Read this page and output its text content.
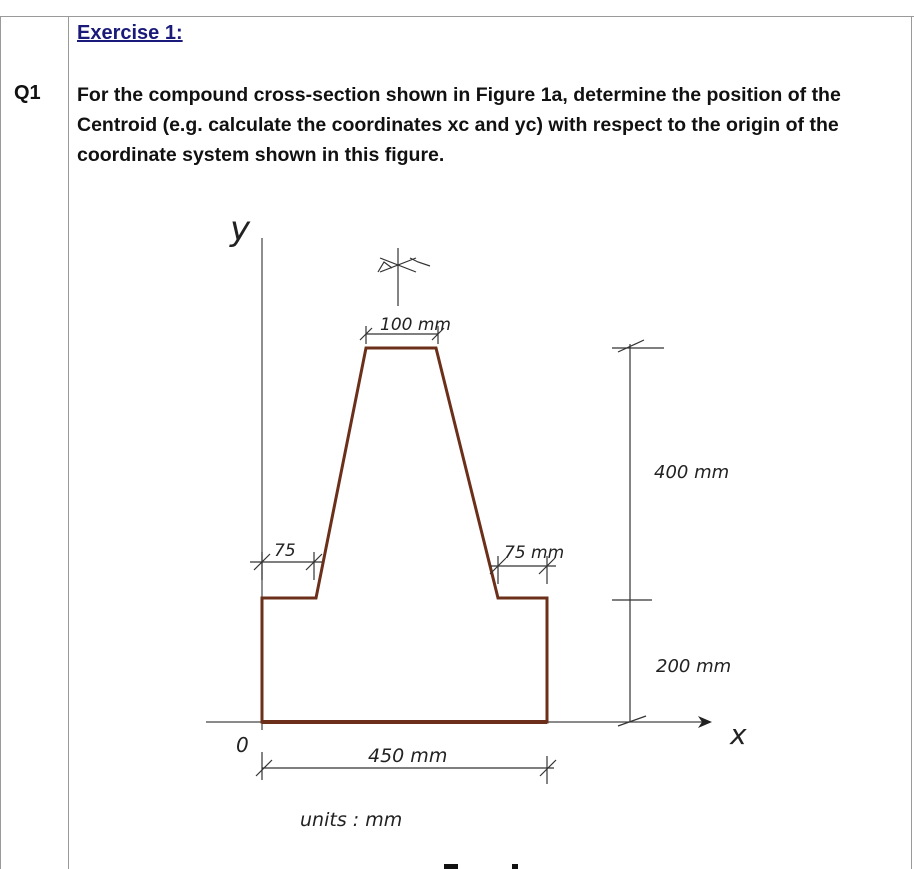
Exercise 1:
Q1 For the compound cross-section shown in Figure 1a, determine the position of the Centroid (e.g. calculate the coordinates xc and yc) with respect to the origin of the coordinate system shown in this figure.

y
x
0
100 mm
75	75 mm
400 mm
200 mm
450 mm
units : mm
